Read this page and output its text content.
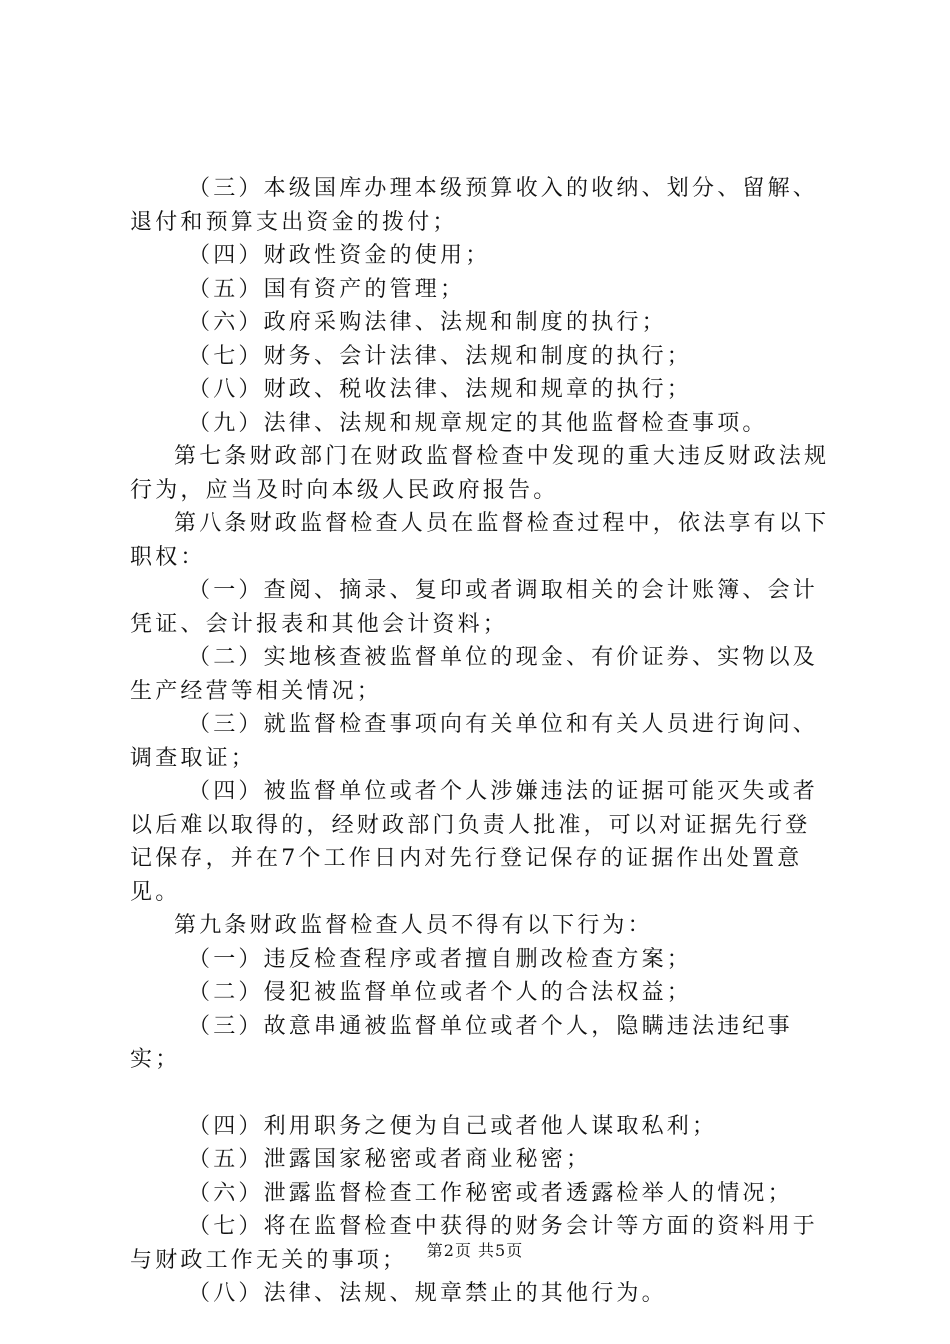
（三）本级国库办理本级预算收入的收纳、划分、留解、退付和预算支出资金的拨付；

（四）财政性资金的使用；

（五）国有资产的管理；

（六）政府采购法律、法规和制度的执行；

（七）财务、会计法律、法规和制度的执行；

（八）财政、税收法律、法规和规章的执行；

（九）法律、法规和规章规定的其他监督检查事项。

第七条财政部门在财政监督检查中发现的重大违反财政法规行为，应当及时向本级人民政府报告。

第八条财政监督检查人员在监督检查过程中，依法享有以下职权：

（一）查阅、摘录、复印或者调取相关的会计账簿、会计凭证、会计报表和其他会计资料；

（二）实地核查被监督单位的现金、有价证券、实物以及生产经营等相关情况；

（三）就监督检查事项向有关单位和有关人员进行询问、调查取证；

（四）被监督单位或者个人涉嫌违法的证据可能灭失或者以后难以取得的，经财政部门负责人批准，可以对证据先行登记保存，并在7个工作日内对先行登记保存的证据作出处置意见。

第九条财政监督检查人员不得有以下行为：

（一）违反检查程序或者擅自删改检查方案；

（二）侵犯被监督单位或者个人的合法权益；

（三）故意串通被监督单位或者个人，隐瞒违法违纪事实；

（四）利用职务之便为自己或者他人谋取私利；

（五）泄露国家秘密或者商业秘密；

（六）泄露监督检查工作秘密或者透露检举人的情况；

（七）将在监督检查中获得的财务会计等方面的资料用于与财政工作无关的事项；

（八）法律、法规、规章禁止的其他行为。

第2页 共5页
